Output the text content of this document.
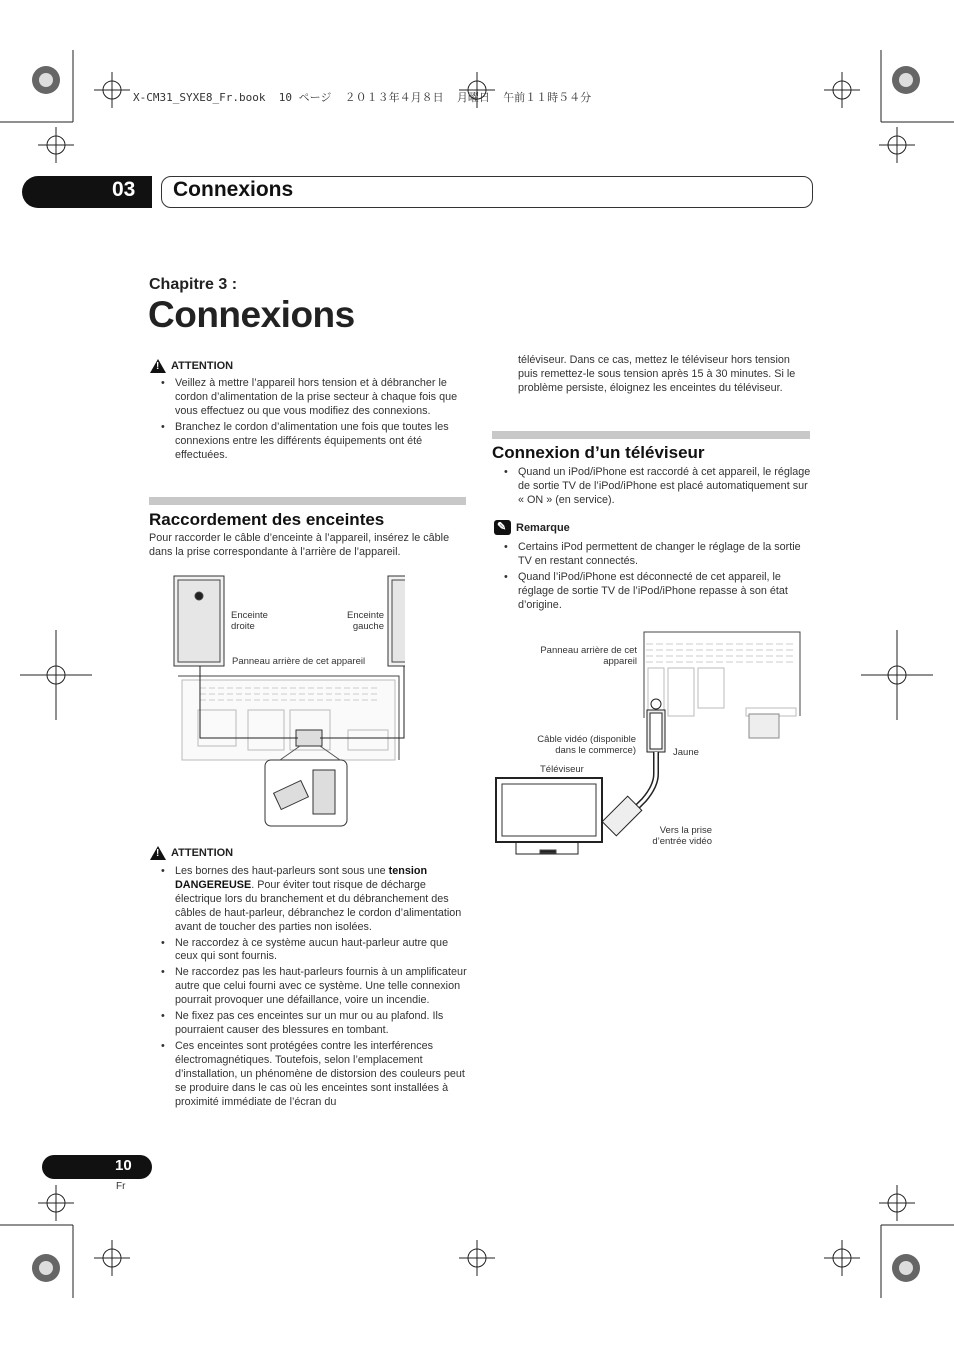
X-CM31_SYXE8_Fr.book  10 ページ  ２０１３年４月８日  月曜日  午前１１時５４分
03 Connexions
Chapitre 3 :
Connexions
!
ATTENTION
• Veillez à mettre l’appareil hors tension et à débrancher le cordon d’alimentation de la prise secteur à chaque fois que vous effectuez ou que vous modifiez des connexions.
• Branchez le cordon d’alimentation une fois que toutes les connexions entre les différents équipements ont été effectuées.
Raccordement des enceintes
Pour raccorder le câble d’enceinte à l’appareil, insérez le câble dans la prise correspondante à l’arrière de l’appareil.
Enceinte droite
Enceinte gauche
Panneau arrière de cet appareil
!
ATTENTION
• Les bornes des haut-parleurs sont sous une tension DANGEREUSE. Pour éviter tout risque de décharge électrique lors du branchement et du débranchement des câbles de haut-parleur, débranchez le cordon d’alimentation avant de toucher des parties non isolées.
• Ne raccordez à ce système aucun haut-parleur autre que ceux qui sont fournis.
• Ne raccordez pas les haut-parleurs fournis à un amplificateur autre que celui fourni avec ce système. Une telle connexion pourrait provoquer une défaillance, voire un incendie.
• Ne fixez pas ces enceintes sur un mur ou au plafond. Ils pourraient causer des blessures en tombant.
• Ces enceintes sont protégées contre les interférences électromagnétiques. Toutefois, selon l’emplacement d’installation, un phénomène de distorsion des couleurs peut se produire dans le cas où les enceintes sont installées à proximité immédiate de l’écran du
téléviseur. Dans ce cas, mettez le téléviseur hors tension puis remettez-le sous tension après 15 à 30 minutes. Si le problème persiste, éloignez les enceintes du téléviseur.
Connexion d’un téléviseur
• Quand un iPod/iPhone est raccordé à cet appareil, le réglage de sortie TV de l’iPod/iPhone est placé automatiquement sur « ON » (en service).
✎
Remarque
• Certains iPod permettent de changer le réglage de la sortie TV en restant connectés.
• Quand l’iPod/iPhone est déconnecté de cet appareil, le réglage de sortie TV de l’iPod/iPhone repasse à son état d’origine.
Panneau arrière de cet appareil
Câble vidéo (disponible dans le commerce)	Jaune
Téléviseur
Vers la prise d’entrée vidéo
10
Fr
